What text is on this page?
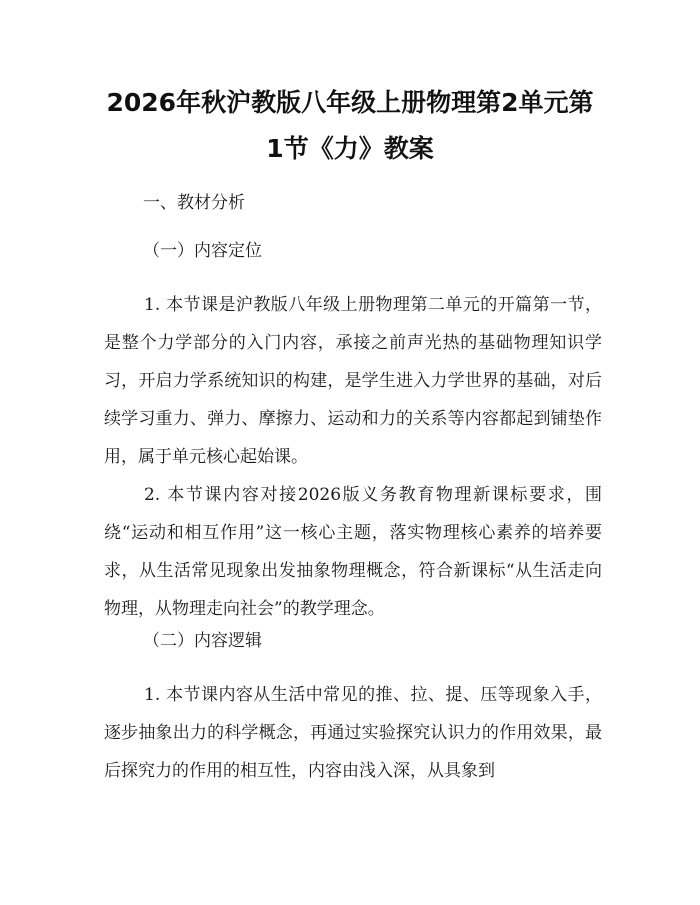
2026年秋沪教版八年级上册物理第2单元第
1节《力》教案
一、教材分析
（一）内容定位

1. 本节课是沪教版八年级上册物理第二单元的开篇第一节，是整个力学部分的入门内容，承接之前声光热的基础物理知识学习，开启力学系统知识的构建，是学生进入力学世界的基础，对后续学习重力、弹力、摩擦力、运动和力的关系等内容都起到铺垫作用，属于单元核心起始课。

2. 本节课内容对接2026版义务教育物理新课标要求，围绕“运动和相互作用”这一核心主题，落实物理核心素养的培养要求，从生活常见现象出发抽象物理概念，符合新课标“从生活走向物理，从物理走向社会”的教学理念。

（二）内容逻辑

1. 本节课内容从生活中常见的推、拉、提、压等现象入手，逐步抽象出力的科学概念，再通过实验探究认识力的作用效果，最后探究力的作用的相互性，内容由浅入深，从具象到
